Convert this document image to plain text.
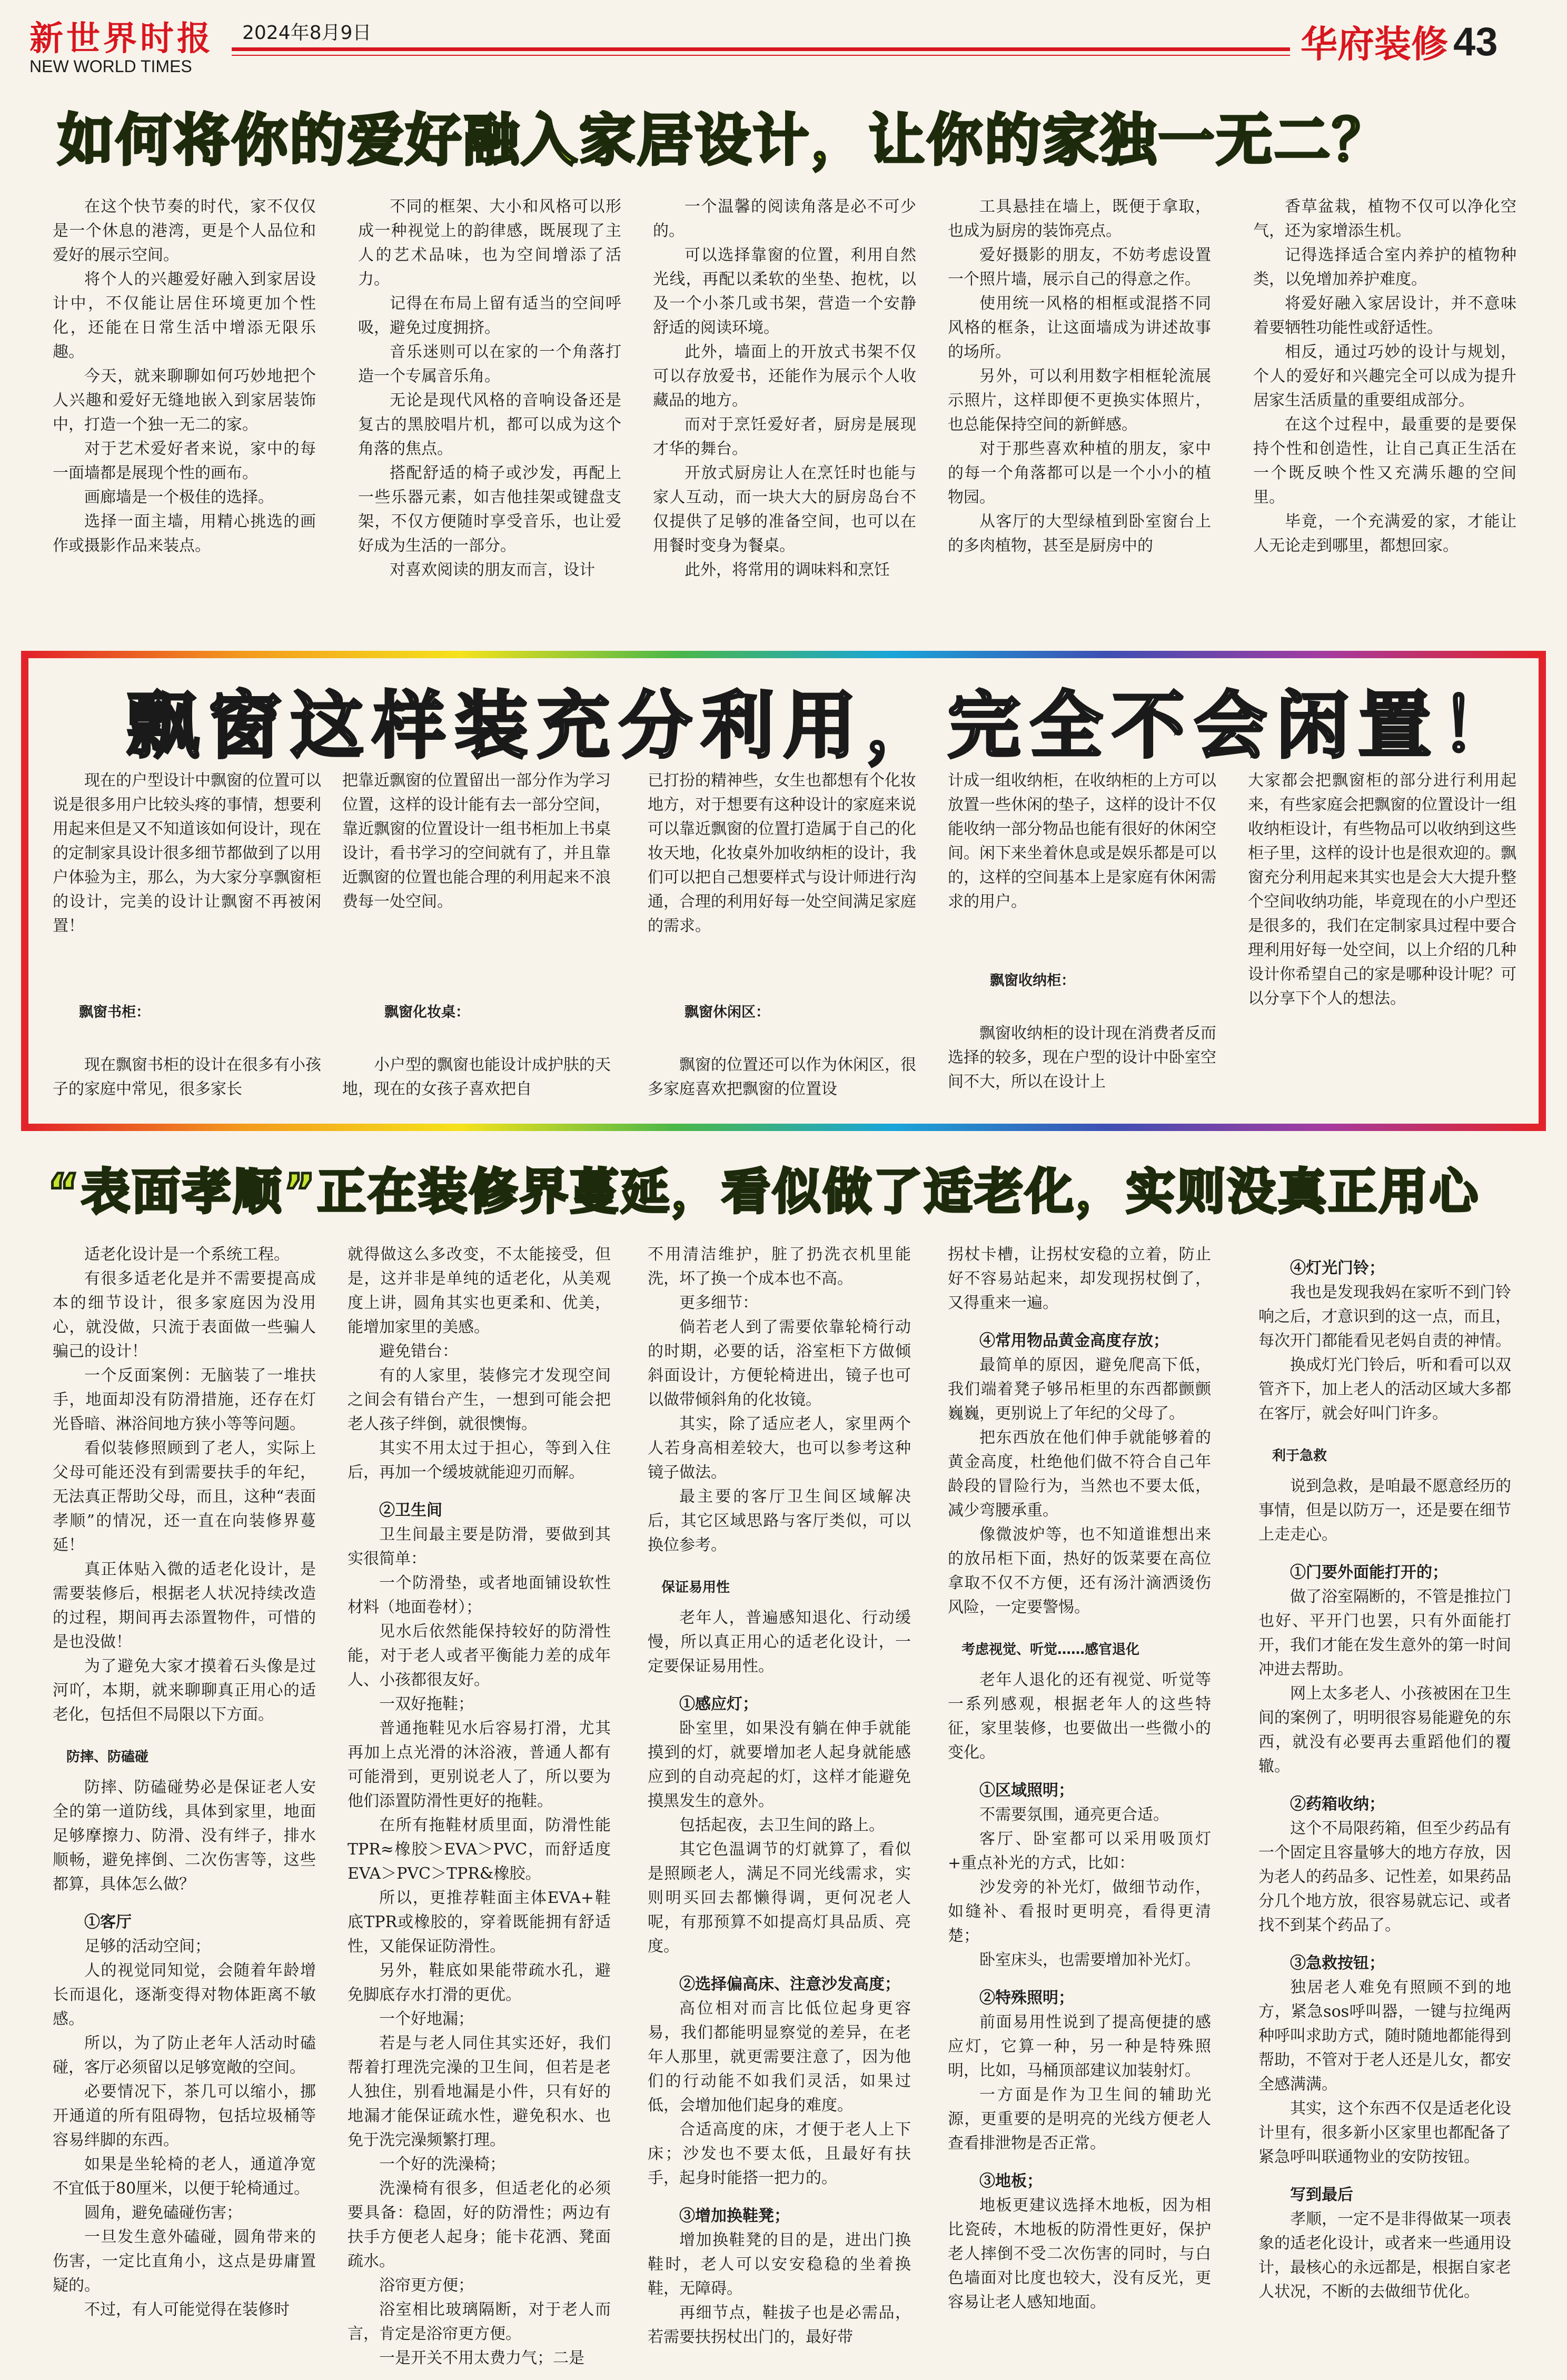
新世界时报 2024年8月9日
NEW WORLD TIMES
华府装修 43
如何将你的爱好融入家居设计，让你的家独一无二？

在这个快节奏的时代，家不仅仅是一个休息的港湾，更是个人品位和爱好的展示空间。

将个人的兴趣爱好融入到家居设计中，不仅能让居住环境更加个性化，还能在日常生活中增添无限乐趣。

今天，就来聊聊如何巧妙地把个人兴趣和爱好无缝地嵌入到家居装饰中，打造一个独一无二的家。

对于艺术爱好者来说，家中的每一面墙都是展现个性的画布。

画廊墙是一个极佳的选择。

选择一面主墙，用精心挑选的画作或摄影作品来装点。

不同的框架、大小和风格可以形成一种视觉上的韵律感，既展现了主人的艺术品味，也为空间增添了活力。

记得在布局上留有适当的空间呼吸，避免过度拥挤。

音乐迷则可以在家的一个角落打造一个专属音乐角。

无论是现代风格的音响设备还是复古的黑胶唱片机，都可以成为这个角落的焦点。

搭配舒适的椅子或沙发，再配上一些乐器元素，如吉他挂架或键盘支架，不仅方便随时享受音乐，也让爱好成为生活的一部分。

对喜欢阅读的朋友而言，设计

一个温馨的阅读角落是必不可少的。

可以选择靠窗的位置，利用自然光线，再配以柔软的坐垫、抱枕，以及一个小茶几或书架，营造一个安静舒适的阅读环境。

此外，墙面上的开放式书架不仅可以存放爱书，还能作为展示个人收藏品的地方。

而对于烹饪爱好者，厨房是展现才华的舞台。

开放式厨房让人在烹饪时也能与家人互动，而一块大大的厨房岛台不仅提供了足够的准备空间，也可以在用餐时变身为餐桌。

此外，将常用的调味料和烹饪

工具悬挂在墙上，既便于拿取，也成为厨房的装饰亮点。

爱好摄影的朋友，不妨考虑设置一个照片墙，展示自己的得意之作。

使用统一风格的相框或混搭不同风格的框条，让这面墙成为讲述故事的场所。

另外，可以利用数字相框轮流展示照片，这样即便不更换实体照片，也总能保持空间的新鲜感。

对于那些喜欢种植的朋友，家中的每一个角落都可以是一个小小的植物园。

从客厅的大型绿植到卧室窗台上的多肉植物，甚至是厨房中的

香草盆栽，植物不仅可以净化空气，还为家增添生机。

记得选择适合室内养护的植物种类，以免增加养护难度。

将爱好融入家居设计，并不意味着要牺牲功能性或舒适性。

相反，通过巧妙的设计与规划，个人的爱好和兴趣完全可以成为提升居家生活质量的重要组成部分。

在这个过程中，最重要的是要保持个性和创造性，让自己真正生活在一个既反映个性又充满乐趣的空间里。

毕竟，一个充满爱的家，才能让人无论走到哪里，都想回家。

飘窗这样装充分利用，完全不会闲置！

现在的户型设计中飘窗的位置可以说是很多用户比较头疼的事情，想要利用起来但是又不知道该如何设计，现在的定制家具设计很多细节都做到了以用户体验为主，那么，为大家分享飘窗柜的设计，完美的设计让飘窗不再被闲置！

把靠近飘窗的位置留出一部分作为学习位置，这样的设计能有去一部分空间，靠近飘窗的位置设计一组书柜加上书桌设计，看书学习的空间就有了，并且靠近飘窗的位置也能合理的利用起来不浪费每一处空间。

已打扮的精神些，女生也都想有个化妆地方，对于想要有这种设计的家庭来说可以靠近飘窗的位置打造属于自己的化妆天地，化妆桌外加收纳柜的设计，我们可以把自己想要样式与设计师进行沟通，合理的利用好每一处空间满足家庭的需求。

计成一组收纳柜，在收纳柜的上方可以放置一些休闲的垫子，这样的设计不仅能收纳一部分物品也能有很好的休闲空间。闲下来坐着休息或是娱乐都是可以的，这样的空间基本上是家庭有休闲需求的用户。

大家都会把飘窗柜的部分进行利用起来，有些家庭会把飘窗的位置设计一组收纳柜设计，有些物品可以收纳到这些柜子里，这样的设计也是很欢迎的。飘窗充分利用起来其实也是会大大提升整个空间收纳功能，毕竟现在的小户型还是很多的，我们在定制家具过程中要合理利用好每一处空间，以上介绍的几种设计你希望自己的家是哪种设计呢？可以分享下个人的想法。

飘窗书柜：	飘窗化妆桌：	飘窗休闲区：
飘窗收纳柜：

现在飘窗书柜的设计在很多有小孩子的家庭中常见，很多家长

小户型的飘窗也能设计成护肤的天地，现在的女孩子喜欢把自

飘窗的位置还可以作为休闲区，很多家庭喜欢把飘窗的位置设

飘窗收纳柜的设计现在消费者反而选择的较多，现在户型的设计中卧室空间不大，所以在设计上

“表面孝顺”正在装修界蔓延，看似做了适老化，实则没真正用心

适老化设计是一个系统工程。

有很多适老化是并不需要提高成本的细节设计，很多家庭因为没用心，就没做，只流于表面做一些骗人骗己的设计！

一个反面案例：无脑装了一堆扶手，地面却没有防滑措施，还存在灯光昏暗、淋浴间地方狭小等等问题。

看似装修照顾到了老人，实际上父母可能还没有到需要扶手的年纪，无法真正帮助父母，而且，这种“表面孝顺”的情况，还一直在向装修界蔓延！

真正体贴入微的适老化设计，是需要装修后，根据老人状况持续改造的过程，期间再去添置物件，可惜的是也没做！

为了避免大家才摸着石头像是过河吖，本期，就来聊聊真正用心的适老化，包括但不局限以下方面。

防摔、防磕碰

防摔、防磕碰势必是保证老人安全的第一道防线，具体到家里，地面足够摩擦力、防滑、没有绊子，排水顺畅，避免摔倒、二次伤害等，这些都算，具体怎么做？

①客厅

足够的活动空间；

人的视觉同知觉，会随着年龄增长而退化，逐渐变得对物体距离不敏感。

所以，为了防止老年人活动时磕碰，客厅必须留以足够宽敞的空间。

必要情况下，茶几可以缩小，挪开通道的所有阻碍物，包括垃圾桶等容易绊脚的东西。

如果是坐轮椅的老人，通道净宽不宜低于80厘米，以便于轮椅通过。

圆角，避免磕碰伤害；

一旦发生意外磕碰，圆角带来的伤害，一定比直角小，这点是毋庸置疑的。

不过，有人可能觉得在装修时

就得做这么多改变，不太能接受，但是，这并非是单纯的适老化，从美观度上讲，圆角其实也更柔和、优美，能增加家里的美感。

避免错台：

有的人家里，装修完才发现空间之间会有错台产生，一想到可能会把老人孩子绊倒，就很懊悔。

其实不用太过于担心，等到入住后，再加一个缓坡就能迎刃而解。

②卫生间

卫生间最主要是防滑，要做到其实很简单：

一个防滑垫，或者地面铺设软性材料（地面卷材）；

见水后依然能保持较好的防滑性能，对于老人或者平衡能力差的成年人、小孩都很友好。

一双好拖鞋；

普通拖鞋见水后容易打滑，尤其再加上点光滑的沐浴液，普通人都有可能滑到，更别说老人了，所以要为他们添置防滑性更好的拖鞋。

在所有拖鞋材质里面，防滑性能TPR≈橡胶＞EVA＞PVC，而舒适度EVA＞PVC＞TPR&橡胶。

所以，更推荐鞋面主体EVA+鞋底TPR或橡胶的，穿着既能拥有舒适性，又能保证防滑性。

另外，鞋底如果能带疏水孔，避免脚底存水打滑的更优。

一个好地漏；

若是与老人同住其实还好，我们帮着打理洗完澡的卫生间，但若是老人独住，别看地漏是小件，只有好的地漏才能保证疏水性，避免积水、也免于洗完澡频繁打理。

一个好的洗澡椅；

洗澡椅有很多，但适老化的必须要具备：稳固，好的防滑性；两边有扶手方便老人起身；能卡花洒、凳面疏水。

浴帘更方便；

浴室相比玻璃隔断，对于老人而言，肯定是浴帘更方便。

一是开关不用太费力气；二是

不用清洁维护，脏了扔洗衣机里能洗，坏了换一个成本也不高。

更多细节：

倘若老人到了需要依靠轮椅行动的时期，必要的话，浴室柜下方做倾斜面设计，方便轮椅进出，镜子也可以做带倾斜角的化妆镜。

其实，除了适应老人，家里两个人若身高相差较大，也可以参考这种镜子做法。

最主要的客厅卫生间区域解决后，其它区域思路与客厅类似，可以换位参考。

保证易用性

老年人，普遍感知退化、行动缓慢，所以真正用心的适老化设计，一定要保证易用性。

①感应灯；

卧室里，如果没有躺在伸手就能摸到的灯，就要增加老人起身就能感应到的自动亮起的灯，这样才能避免摸黑发生的意外。

包括起夜，去卫生间的路上。

其它色温调节的灯就算了，看似是照顾老人，满足不同光线需求，实则明买回去都懒得调，更何况老人呢，有那预算不如提高灯具品质、亮度。

②选择偏高床、注意沙发高度；

高位相对而言比低位起身更容易，我们都能明显察觉的差异，在老年人那里，就更需要注意了，因为他们的行动能不如我们灵活，如果过低，会增加他们起身的难度。

合适高度的床，才便于老人上下床；沙发也不要太低，且最好有扶手，起身时能搭一把力的。

③增加换鞋凳；

增加换鞋凳的目的是，进出门换鞋时，老人可以安安稳稳的坐着换鞋，无障碍。

再细节点，鞋拔子也是必需品，若需要扶拐杖出门的，最好带

拐杖卡槽，让拐杖安稳的立着，防止好不容易站起来，却发现拐杖倒了，又得重来一遍。

④常用物品黄金高度存放；

最简单的原因，避免爬高下低，我们端着凳子够吊柜里的东西都颤颤巍巍，更别说上了年纪的父母了。

把东西放在他们伸手就能够着的黄金高度，杜绝他们做不符合自己年龄段的冒险行为，当然也不要太低，减少弯腰承重。

像微波炉等，也不知道谁想出来的放吊柜下面，热好的饭菜要在高位拿取不仅不方便，还有汤汁滴洒烫伤风险，一定要警惕。

考虑视觉、听觉……感官退化

老年人退化的还有视觉、听觉等一系列感观，根据老年人的这些特征，家里装修，也要做出一些微小的变化。

①区域照明；

不需要氛围，通亮更合适。

客厅、卧室都可以采用吸顶灯+重点补光的方式，比如：

沙发旁的补光灯，做细节动作，如缝补、看报时更明亮，看得更清楚；

卧室床头，也需要增加补光灯。

②特殊照明；

前面易用性说到了提高便捷的感应灯，它算一种，另一种是特殊照明，比如，马桶顶部建议加装射灯。

一方面是作为卫生间的辅助光源，更重要的是明亮的光线方便老人查看排泄物是否正常。

③地板；

地板更建议选择木地板，因为相比瓷砖，木地板的防滑性更好，保护老人摔倒不受二次伤害的同时，与白色墙面对比度也较大，没有反光，更容易让老人感知地面。

④灯光门铃；

我也是发现我妈在家听不到门铃响之后，才意识到的这一点，而且，每次开门都能看见老妈自责的神情。

换成灯光门铃后，听和看可以双管齐下，加上老人的活动区域大多都在客厅，就会好叫门许多。

利于急救

说到急救，是咱最不愿意经历的事情，但是以防万一，还是要在细节上走走心。

①门要外面能打开的；

做了浴室隔断的，不管是推拉门也好、平开门也罢，只有外面能打开，我们才能在发生意外的第一时间冲进去帮助。

网上太多老人、小孩被困在卫生间的案例了，明明很容易能避免的东西，就没有必要再去重蹈他们的覆辙。

②药箱收纳；

这个不局限药箱，但至少药品有一个固定且容量够大的地方存放，因为老人的药品多、记性差，如果药品分几个地方放，很容易就忘记、或者找不到某个药品了。

③急救按钮；

独居老人难免有照顾不到的地方，紧急sos呼叫器，一键与拉绳两种呼叫求助方式，随时随地都能得到帮助，不管对于老人还是儿女，都安全感满满。

其实，这个东西不仅是适老化设计里有，很多新小区家里也都配备了紧急呼叫联通物业的安防按钮。

写到最后

孝顺，一定不是非得做某一项表象的适老化设计，或者来一些通用设计，最核心的永远都是，根据自家老人状况，不断的去做细节优化。
